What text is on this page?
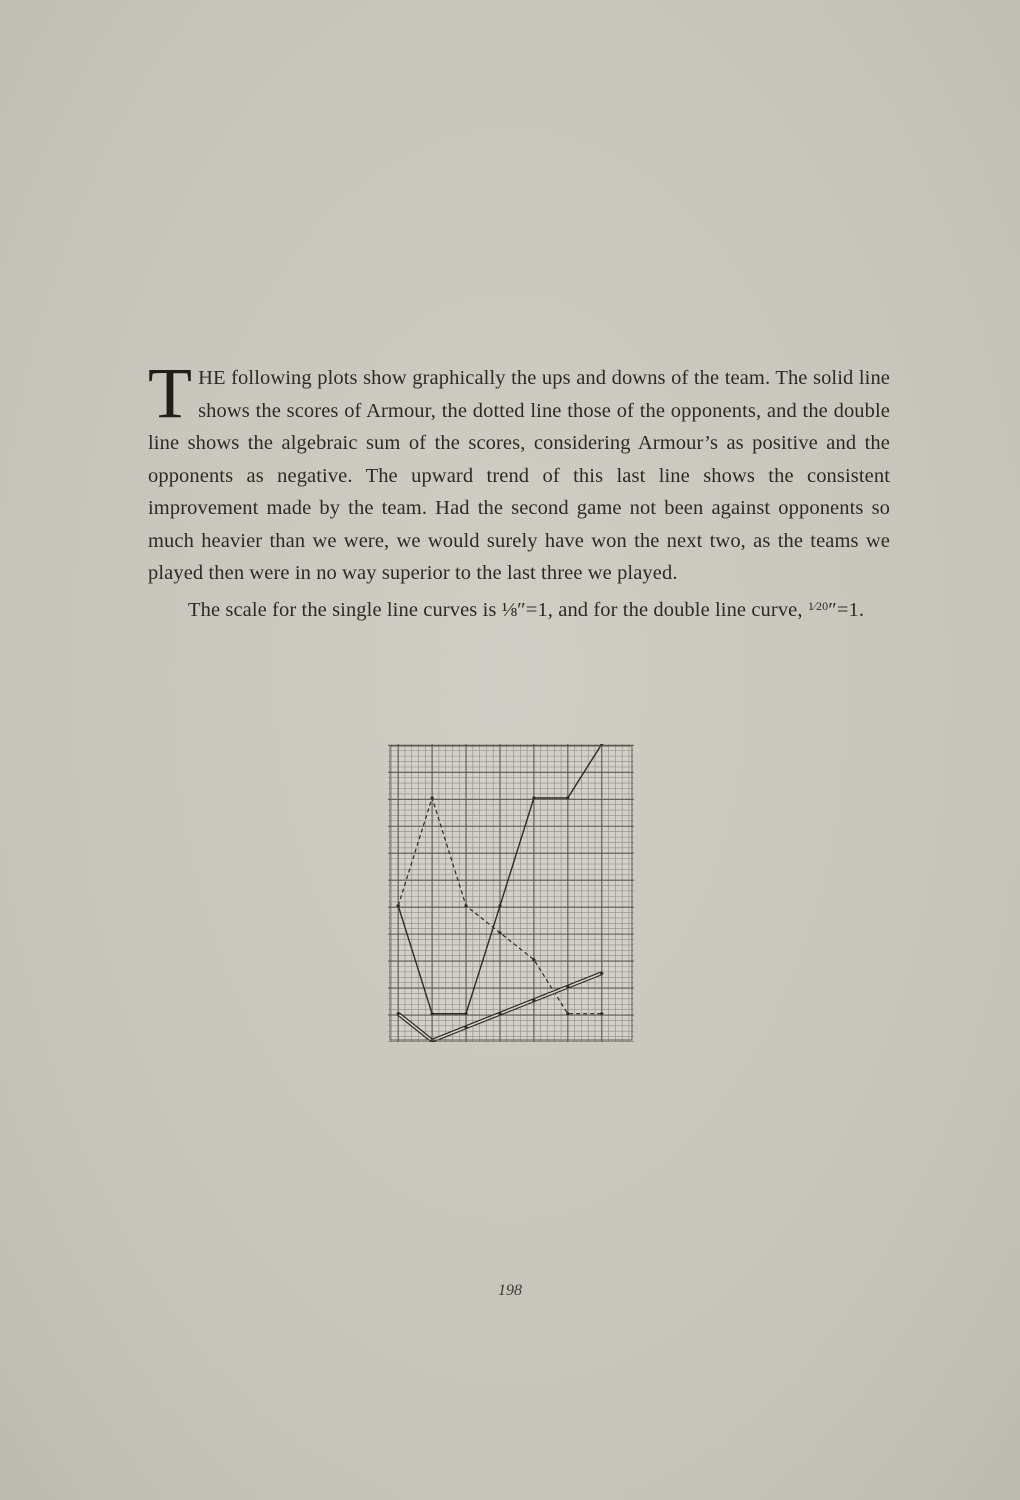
THE following plots show graphically the ups and downs of the team. The solid line shows the scores of Armour, the dotted line those of the opponents, and the double line shows the algebraic sum of the scores, considering Armour’s as positive and the opponents as negative. The upward trend of this last line shows the consistent improvement made by the team. Had the second game not been against opponents so much heavier than we were, we would surely have won the next two, as the teams we played then were in no way superior to the last three we played.

The scale for the single line curves is ⅛″=1, and for the double line curve, $^{1⁄20}$″=1.

198
